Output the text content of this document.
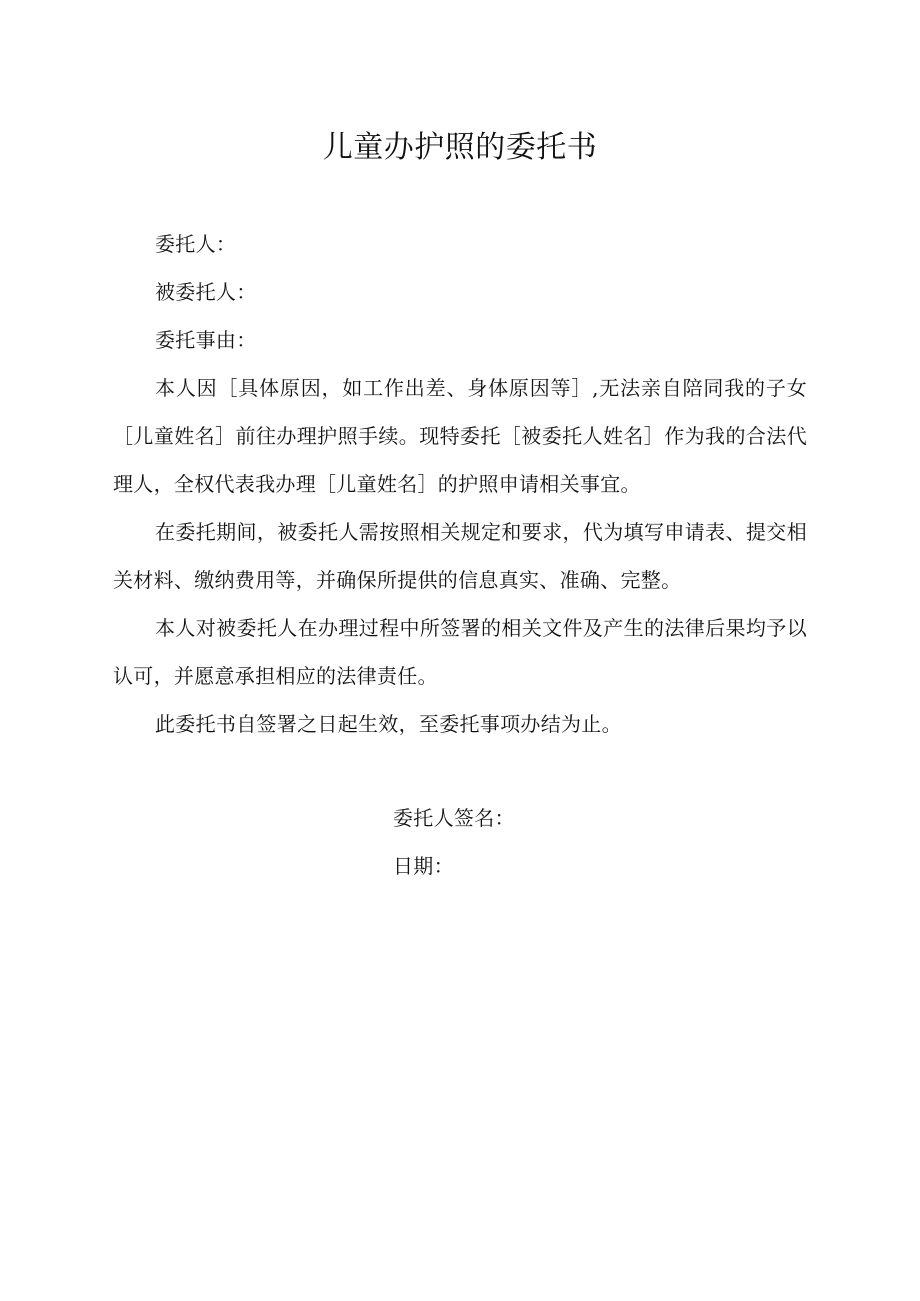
儿童办护照的委托书

委托人：

被委托人：

委托事由：

本人因［具体原因，如工作出差、身体原因等］,无法亲自陪同我的子女［儿童姓名］前往办理护照手续。现特委托［被委托人姓名］作为我的合法代理人，全权代表我办理［儿童姓名］的护照申请相关事宜。

在委托期间，被委托人需按照相关规定和要求，代为填写申请表、提交相关材料、缴纳费用等，并确保所提供的信息真实、准确、完整。

本人对被委托人在办理过程中所签署的相关文件及产生的法律后果均予以认可，并愿意承担相应的法律责任。

此委托书自签署之日起生效，至委托事项办结为止。

委托人签名：

日期：
